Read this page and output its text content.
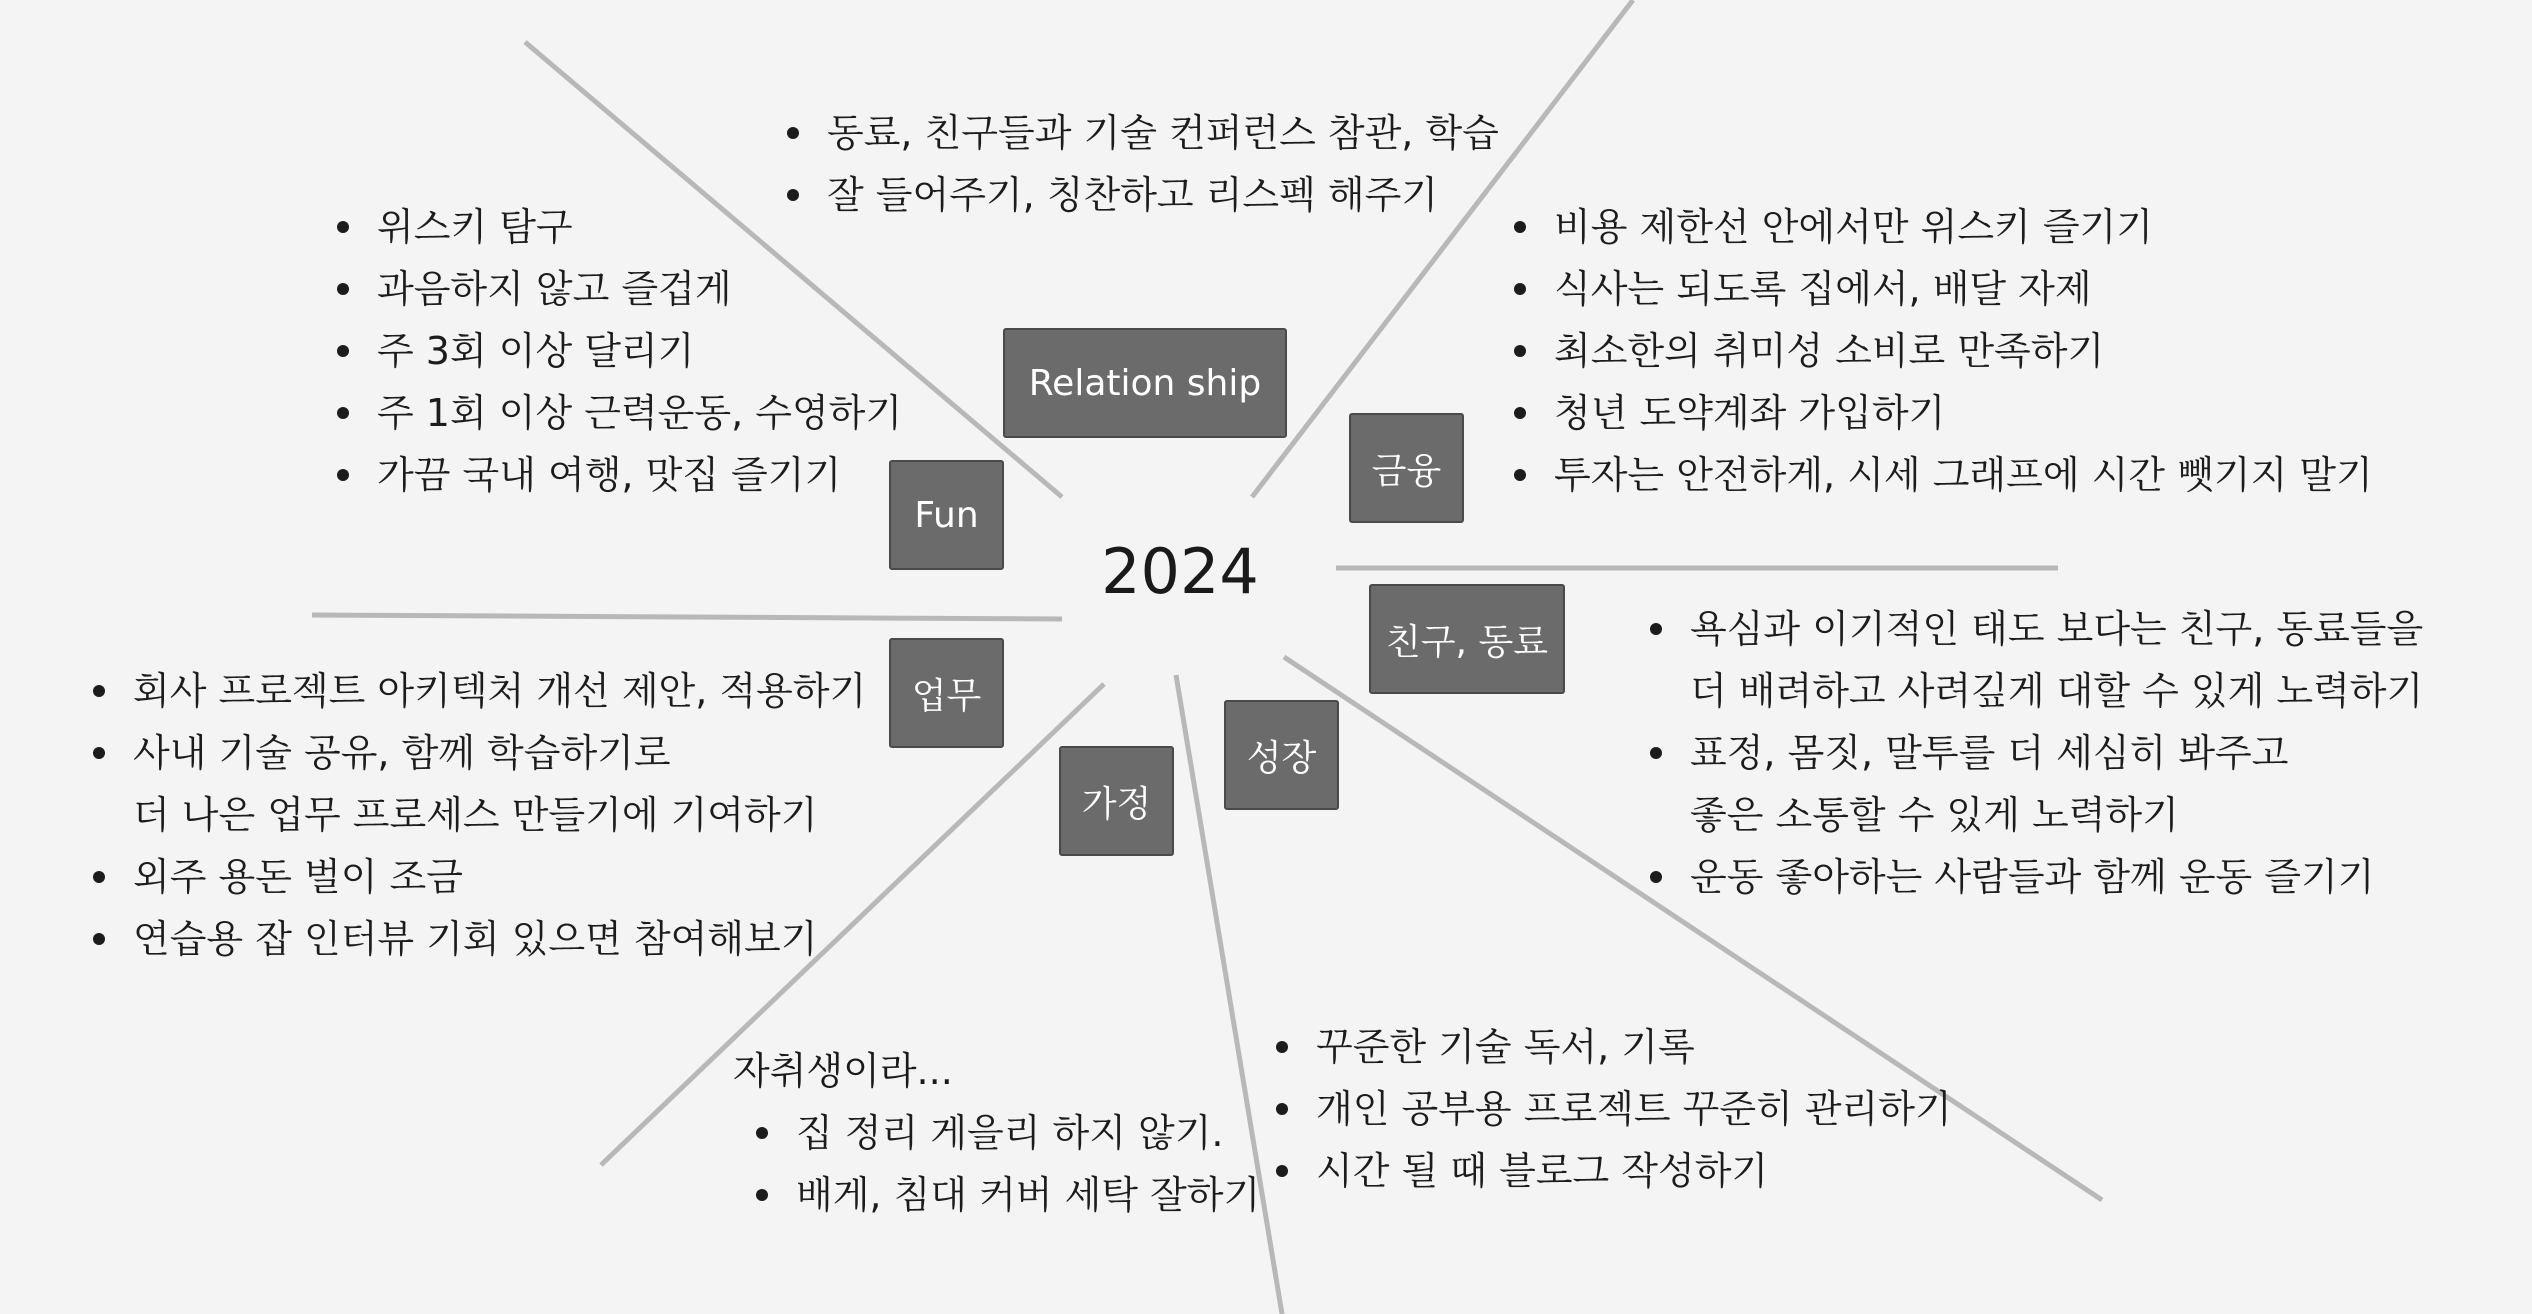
2024
Relation ship
금융
Fun
친구, 동료
업무
성장
가정
동료, 친구들과 기술 컨퍼런스 참관, 학습
잘 들어주기, 칭찬하고 리스펙 해주기
비용 제한선 안에서만 위스키 즐기기
식사는 되도록 집에서, 배달 자제
최소한의 취미성 소비로 만족하기
청년 도약계좌 가입하기
투자는 안전하게, 시세 그래프에 시간 뺏기지 말기
위스키 탐구
과음하지 않고 즐겁게
주 3회 이상 달리기
주 1회 이상 근력운동, 수영하기
가끔 국내 여행, 맛집 즐기기
욕심과 이기적인 태도 보다는 친구, 동료들을
더 배려하고 사려깊게 대할 수 있게 노력하기
표정, 몸짓, 말투를 더 세심히 봐주고
좋은 소통할 수 있게 노력하기
운동 좋아하는 사람들과 함께 운동 즐기기
회사 프로젝트 아키텍처 개선 제안, 적용하기
사내 기술 공유, 함께 학습하기로
더 나은 업무 프로세스 만들기에 기여하기
외주 용돈 벌이 조금
연습용 잡 인터뷰 기회 있으면 참여해보기
꾸준한 기술 독서, 기록
개인 공부용 프로젝트 꾸준히 관리하기
시간 될 때 블로그 작성하기
자취생이라...
집 정리 게을리 하지 않기.
배게, 침대 커버 세탁 잘하기
